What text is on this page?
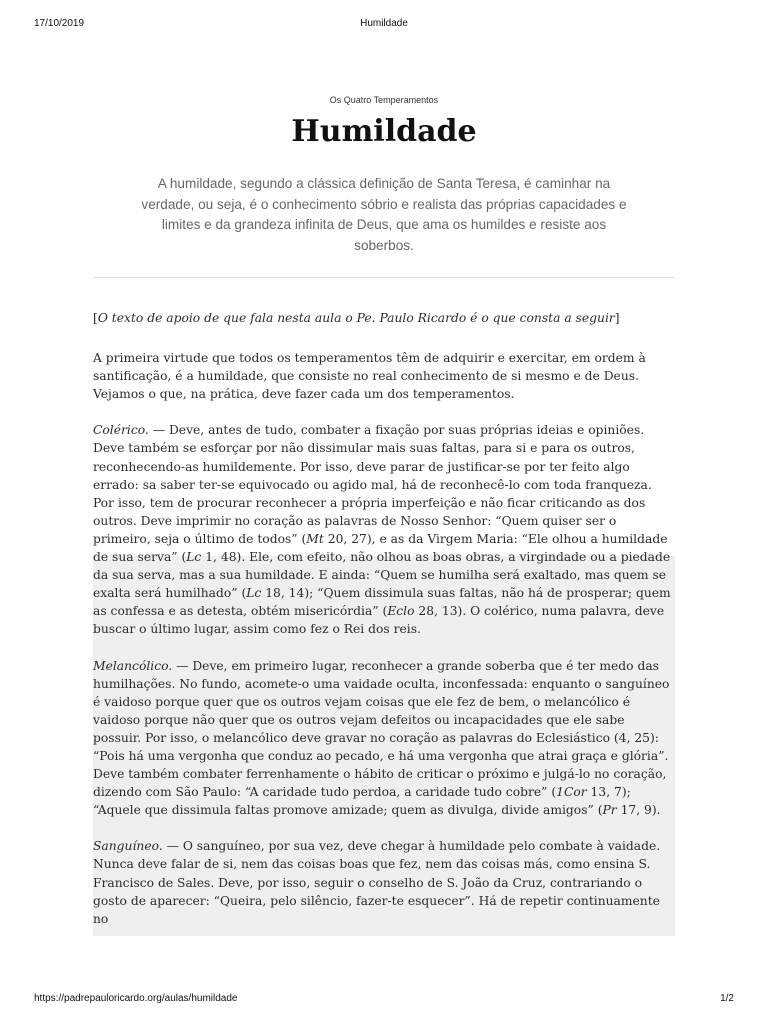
17/10/2019	Humildade
Os Quatro Temperamentos
Humildade

A humildade, segundo a clássica definição de Santa Teresa, é caminhar na verdade, ou seja, é o conhecimento sóbrio e realista das próprias capacidades e limites e da grandeza infinita de Deus, que ama os humildes e resiste aos soberbos.

[O texto de apoio de que fala nesta aula o Pe. Paulo Ricardo é o que consta a seguir]

A primeira virtude que todos os temperamentos têm de adquirir e exercitar, em ordem à santificação, é a humildade, que consiste no real conhecimento de si mesmo e de Deus. Vejamos o que, na prática, deve fazer cada um dos temperamentos.

Colérico. — Deve, antes de tudo, combater a fixação por suas próprias ideias e opiniões. Deve também se esforçar por não dissimular mais suas faltas, para si e para os outros, reconhecendo-as humildemente. Por isso, deve parar de justificar-se por ter feito algo errado: sa saber ter-se equivocado ou agido mal, há de reconhecê-lo com toda franqueza. Por isso, tem de procurar reconhecer a própria imperfeição e não ficar criticando as dos outros. Deve imprimir no coração as palavras de Nosso Senhor: “Quem quiser ser o primeiro, seja o último de todos” (Mt 20, 27), e as da Virgem Maria: “Ele olhou a humildade de sua serva” (Lc 1, 48). Ele, com efeito, não olhou as boas obras, a virgindade ou a piedade da sua serva, mas a sua humildade. E ainda: “Quem se humilha será exaltado, mas quem se exalta será humilhado” (Lc 18, 14); “Quem dissimula suas faltas, não há de prosperar; quem as confessa e as detesta, obtém misericórdia” (Eclo 28, 13). O colérico, numa palavra, deve buscar o último lugar, assim como fez o Rei dos reis.

Melancólico. — Deve, em primeiro lugar, reconhecer a grande soberba que é ter medo das humilhações. No fundo, acomete-o uma vaidade oculta, inconfessada: enquanto o sanguíneo é vaidoso porque quer que os outros vejam coisas que ele fez de bem, o melancólico é vaidoso porque não quer que os outros vejam defeitos ou incapacidades que ele sabe possuir. Por isso, o melancólico deve gravar no coração as palavras do Eclesiástico (4, 25): “Pois há uma vergonha que conduz ao pecado, e há uma vergonha que atrai graça e glória”. Deve também combater ferrenhamente o hábito de criticar o próximo e julgá-lo no coração, dizendo com São Paulo: “A caridade tudo perdoa, a caridade tudo cobre” (1Cor 13, 7); “Aquele que dissimula faltas promove amizade; quem as divulga, divide amigos” (Pr 17, 9).

Sanguíneo. — O sanguíneo, por sua vez, deve chegar à humildade pelo combate à vaidade. Nunca deve falar de si, nem das coisas boas que fez, nem das coisas más, como ensina S. Francisco de Sales. Deve, por isso, seguir o conselho de S. João da Cruz, contrariando o gosto de aparecer: “Queira, pelo silêncio, fazer-te esquecer”. Há de repetir continuamente no

https://padrepauloricardo.org/aulas/humildade	1/2
